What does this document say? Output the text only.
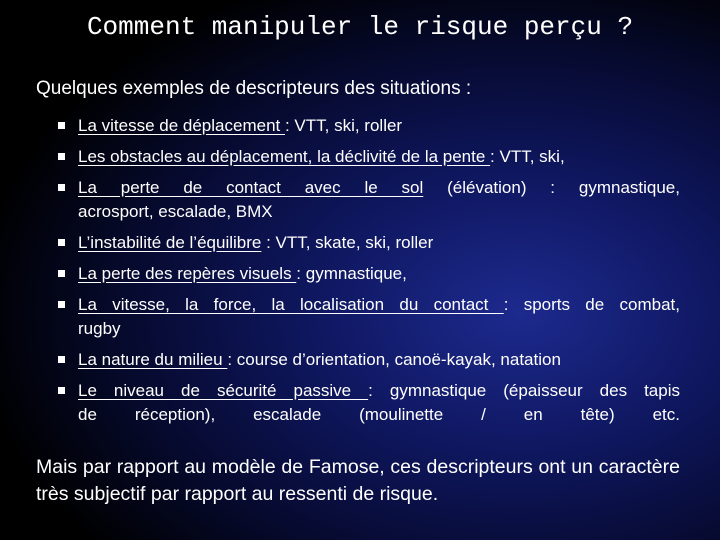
Comment manipuler le risque perçu ?
Quelques exemples de descripteurs des situations :
La vitesse de déplacement : VTT, ski, roller
Les obstacles au déplacement, la déclivité de la pente : VTT, ski,
La perte de contact avec le sol (élévation) : gymnastique,
acrosport, escalade, BMX
L’instabilité de l’équilibre : VTT, skate, ski, roller
La perte des repères visuels : gymnastique,
La vitesse, la force, la localisation du contact : sports de combat,
rugby
La nature du milieu : course d’orientation, canoë-kayak, natation
Le niveau de sécurité passive : gymnastique (épaisseur des tapis
de réception), escalade (moulinette / en tête) etc.
Mais par rapport au modèle de Famose, ces descripteurs ont un caractère très subjectif par rapport au ressenti de risque.
